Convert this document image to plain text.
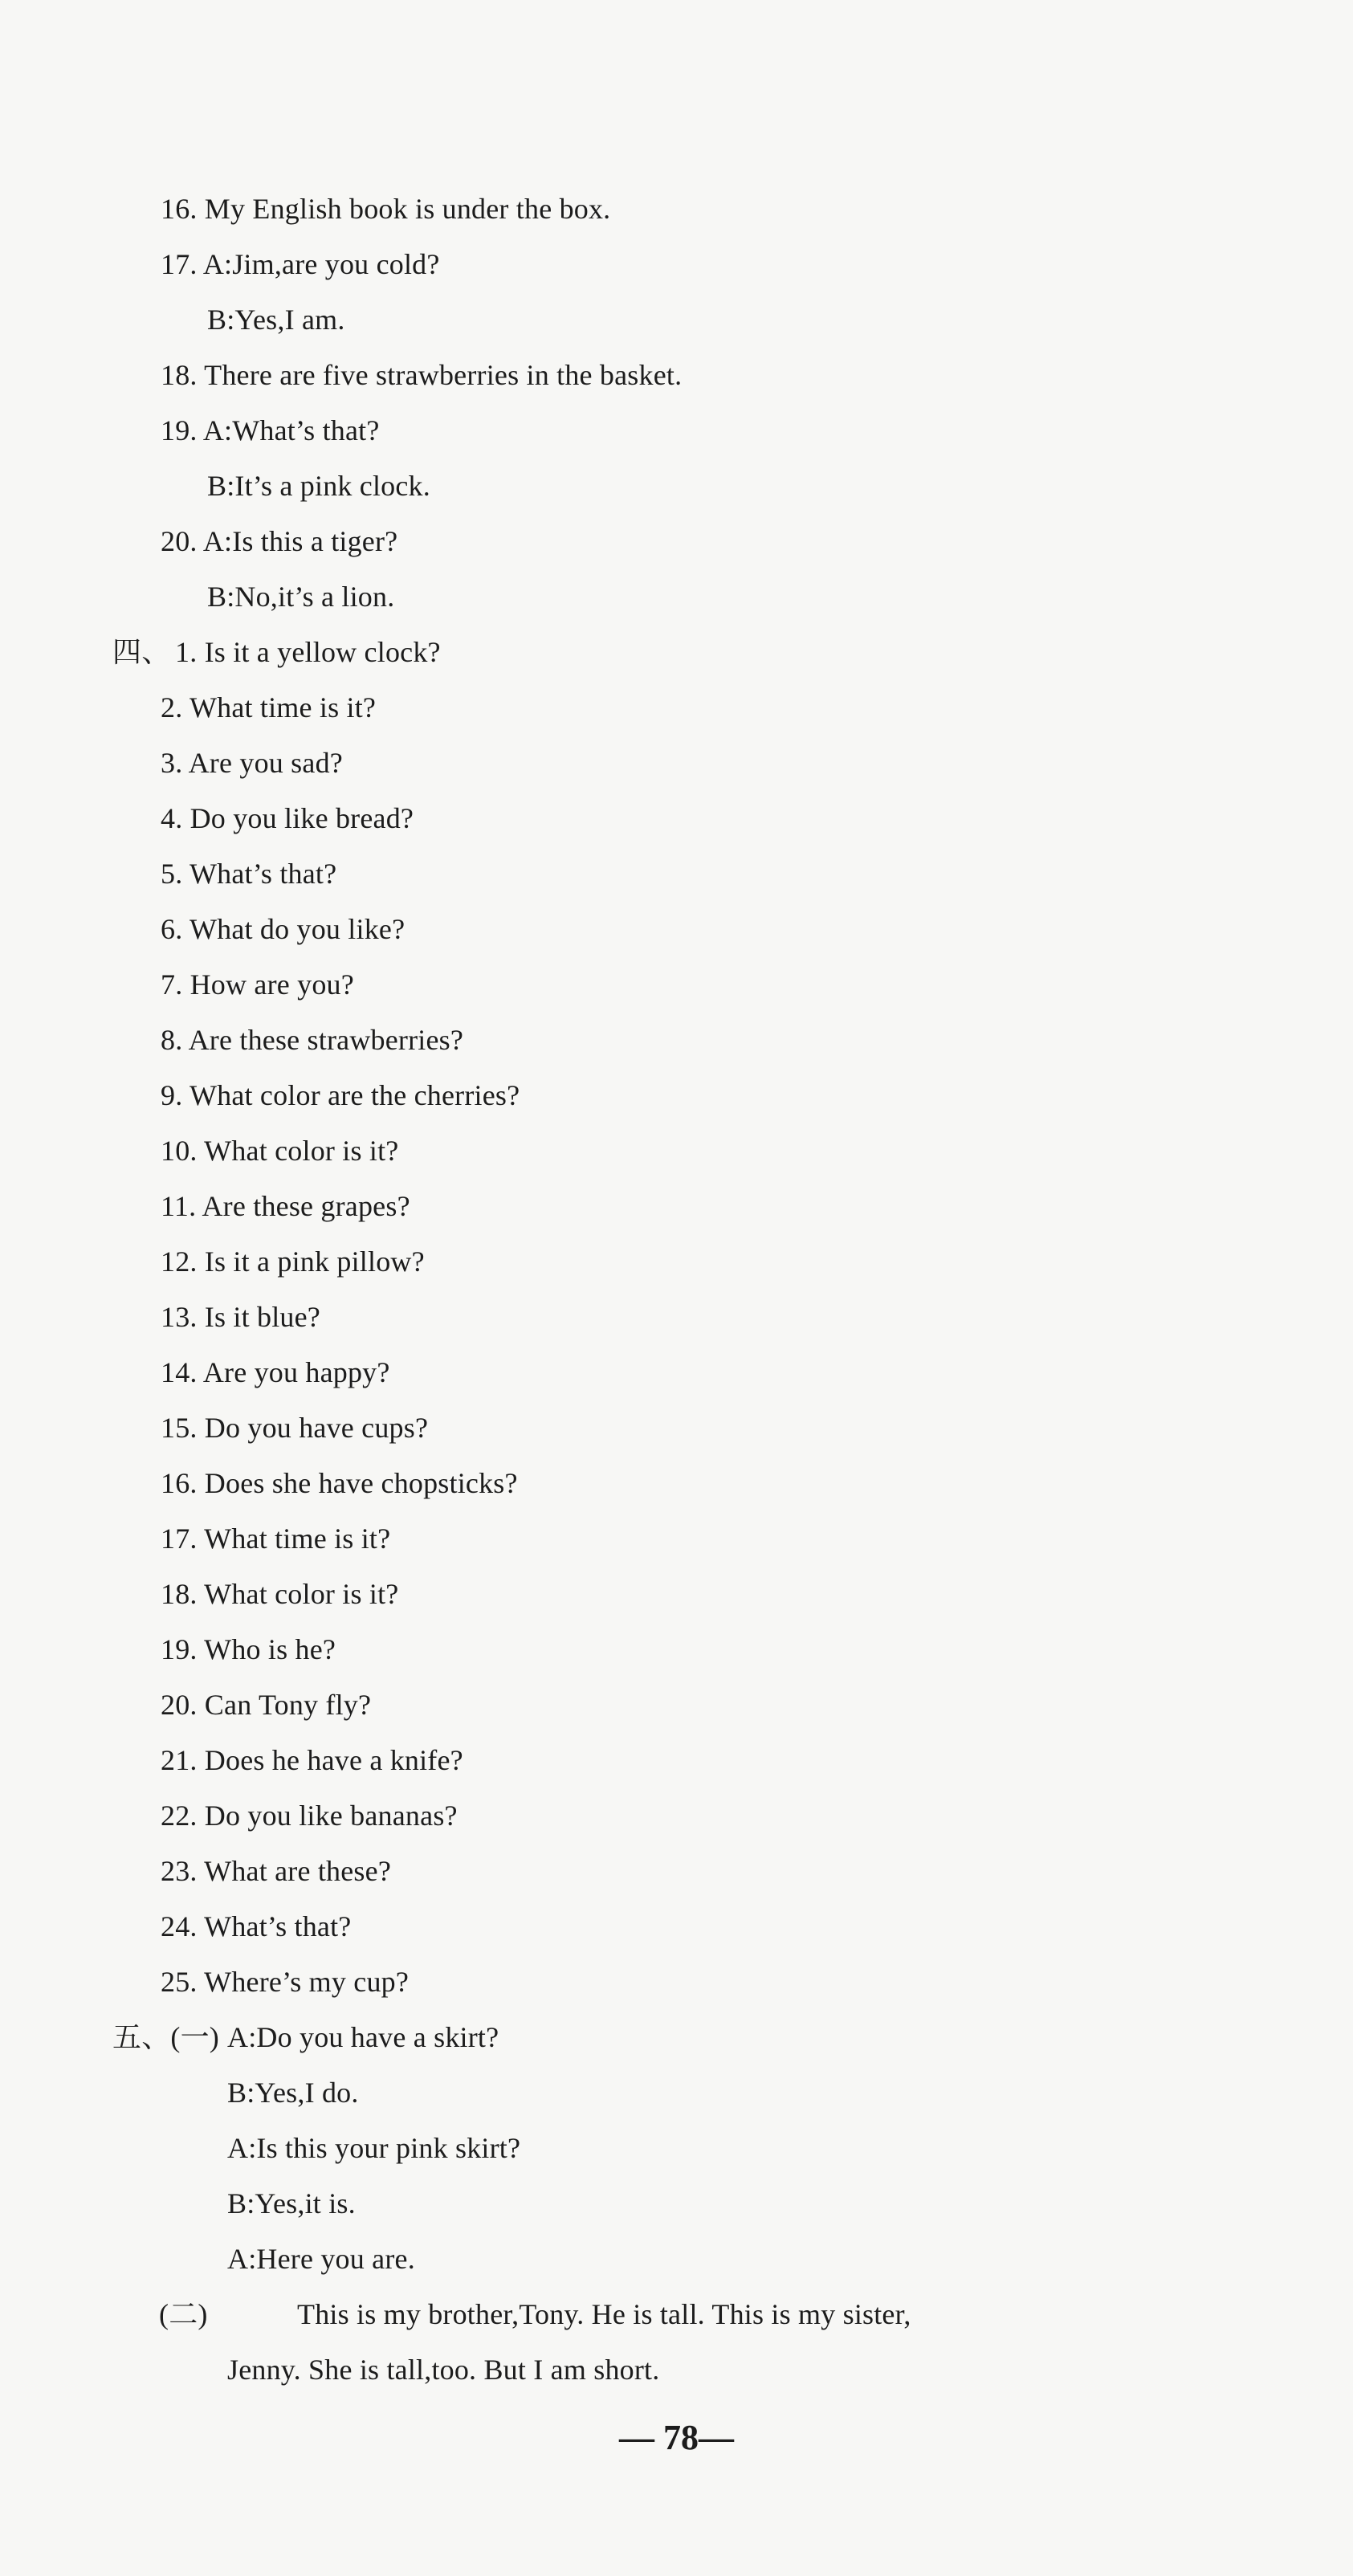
16. My English book is under the box.
17. A:Jim,are you cold?
B:Yes,I am.
18. There are five strawberries in the basket.
19. A:What’s that?
B:It’s a pink clock.
20. A:Is this a tiger?
B:No,it’s a lion.
四、 1. Is it a yellow clock?
2. What time is it?
3. Are you sad?
4. Do you like bread?
5. What’s that?
6. What do you like?
7. How are you?
8. Are these strawberries?
9. What color are the cherries?
10. What color is it?
11. Are these grapes?
12. Is it a pink pillow?
13. Is it blue?
14. Are you happy?
15. Do you have cups?
16. Does she have chopsticks?
17. What time is it?
18. What color is it?
19. Who is he?
20. Can Tony fly?
21. Does he have a knife?
22. Do you like bananas?
23. What are these?
24. What’s that?
25. Where’s my cup?
五、(一) A:Do you have a skirt?
B:Yes,I do.
A:Is this your pink skirt?
B:Yes,it is.
A:Here you are.
(二)	This is my brother,Tony. He is tall. This is my sister,
Jenny. She is tall,too. But I am short.
— 78—
